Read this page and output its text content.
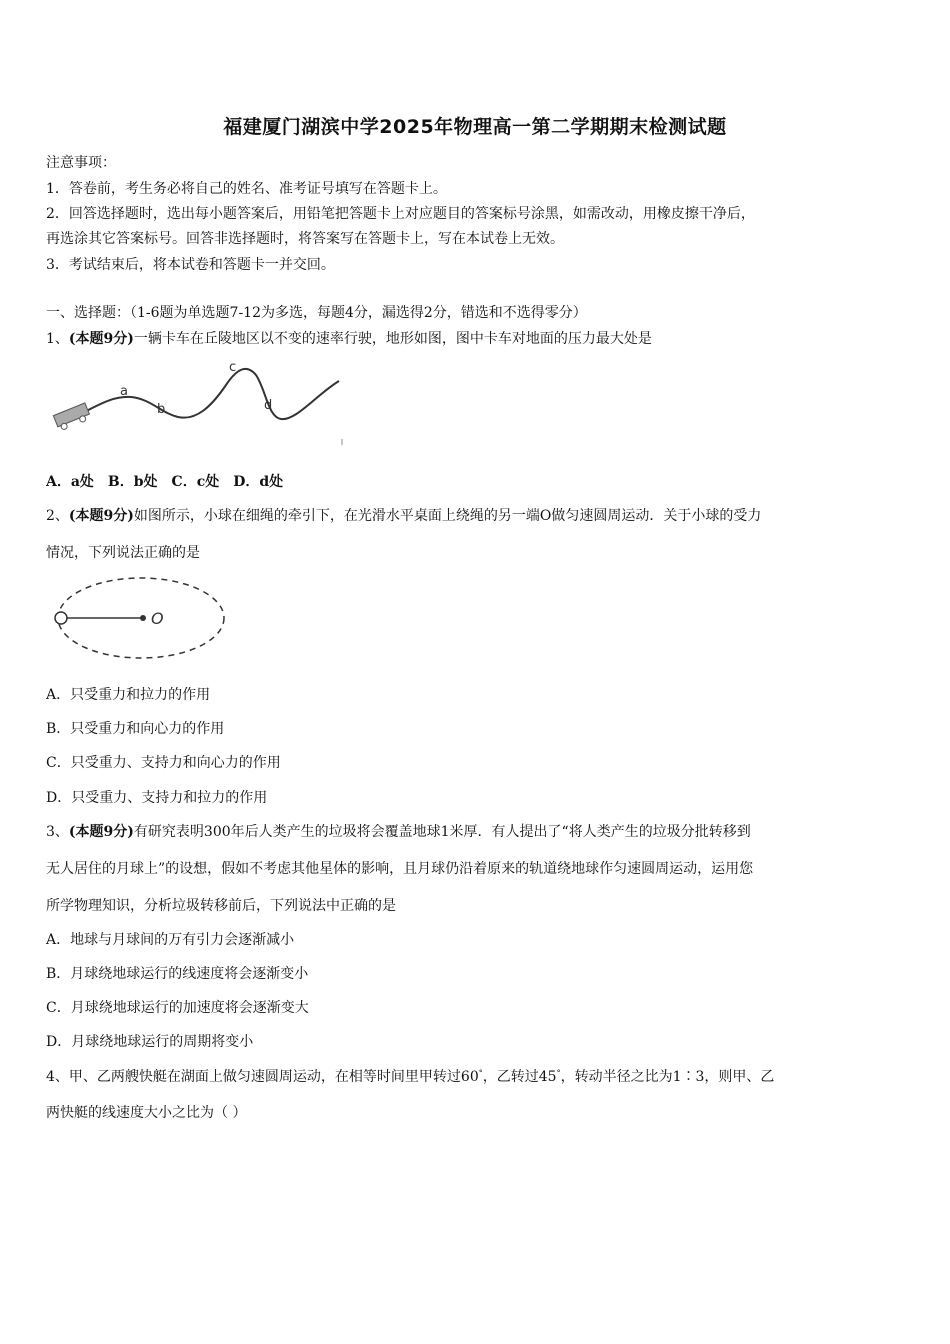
福建厦门湖滨中学2025年物理高一第二学期期末检测试题
注意事项：
1．答卷前，考生务必将自己的姓名、准考证号填写在答题卡上。
2．回答选择题时，选出每小题答案后，用铅笔把答题卡上对应题目的答案标号涂黑，如需改动，用橡皮擦干净后，
再选涂其它答案标号。回答非选择题时，将答案写在答题卡上，写在本试卷上无效。
3．考试结束后，将本试卷和答题卡一并交回。
一、选择题：（1-6题为单选题7-12为多选，每题4分，漏选得2分，错选和不选得零分）
1、(本题9分)一辆卡车在丘陵地区以不变的速率行驶，地形如图，图中卡车对地面的压力最大处是
a
b
c
d
A．a处　B．b处　C．c处　D．d处
2、(本题9分)如图所示，小球在细绳的牵引下，在光滑水平桌面上绕绳的另一端O做匀速圆周运动．关于小球的受力
情况，下列说法正确的是
O
A．只受重力和拉力的作用
B．只受重力和向心力的作用
C．只受重力、支持力和向心力的作用
D．只受重力、支持力和拉力的作用
3、(本题9分)有研究表明300年后人类产生的垃圾将会覆盖地球1米厚．有人提出了“将人类产生的垃圾分批转移到
无人居住的月球上”的设想，假如不考虑其他星体的影响，且月球仍沿着原来的轨道绕地球作匀速圆周运动，运用您
所学物理知识，分析垃圾转移前后，下列说法中正确的是
A．地球与月球间的万有引力会逐渐减小
B．月球绕地球运行的线速度将会逐渐变小
C．月球绕地球运行的加速度将会逐渐变大
D．月球绕地球运行的周期将变小
4、甲、乙两艘快艇在湖面上做匀速圆周运动，在相等时间里甲转过60°，乙转过45°，转动半径之比为1∶3，则甲、乙
两快艇的线速度大小之比为（ ）
